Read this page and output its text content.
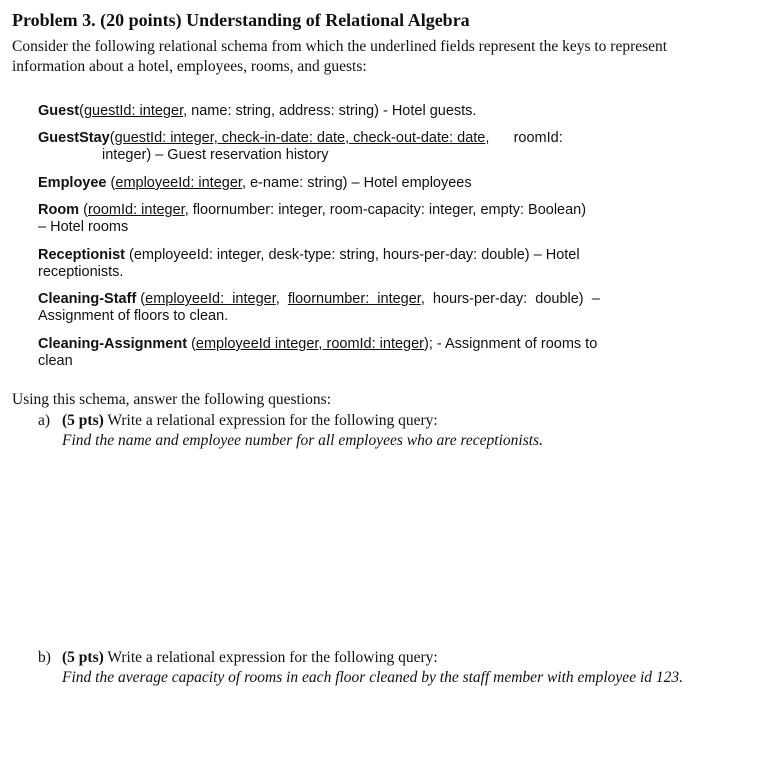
Problem 3. (20 points) Understanding of Relational Algebra
Consider the following relational schema from which the underlined fields represent the keys to represent information about a hotel, employees, rooms, and guests:
Guest(guestId: integer, name: string, address: string) - Hotel guests.
GuestStay(guestId: integer, check-in-date: date, check-out-date: date,      roomId:
integer) – Guest reservation history
Employee (employeeId: integer, e-name: string) – Hotel employees
Room (roomId: integer, floornumber: integer, room-capacity: integer, empty: Boolean)
– Hotel rooms
Receptionist (employeeId: integer, desk-type: string, hours-per-day: double) – Hotel
receptionists.
Cleaning-Staff (employeeId:  integer,  floornumber:  integer,  hours-per-day:  double)  –
Assignment of floors to clean.
Cleaning-Assignment (employeeId integer, roomId: integer); - Assignment of rooms to
clean
Using this schema, answer the following questions:
a) (5 pts) Write a relational expression for the following query:
Find the name and employee number for all employees who are receptionists.
b) (5 pts) Write a relational expression for the following query:
Find the average capacity of rooms in each floor cleaned by the staff member with employee id 123.
